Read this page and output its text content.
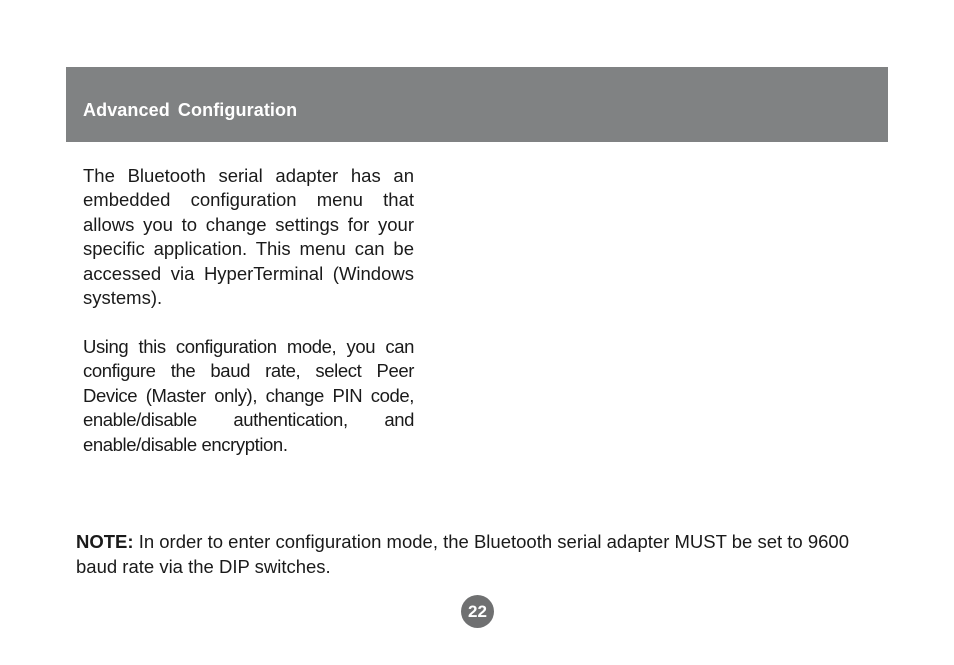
Advanced Configuration

The Bluetooth serial adapter has an embedded configuration menu that allows you to change settings for your specific application. This menu can be accessed via HyperTerminal (Windows systems).

Using this configuration mode, you can configure the baud rate, select Peer Device (Master only), change PIN code, enable/disable authentication, and enable/disable encryption.

NOTE: In order to enter configuration mode, the Bluetooth serial adapter MUST be set to 9600 baud rate via the DIP switches.

22
